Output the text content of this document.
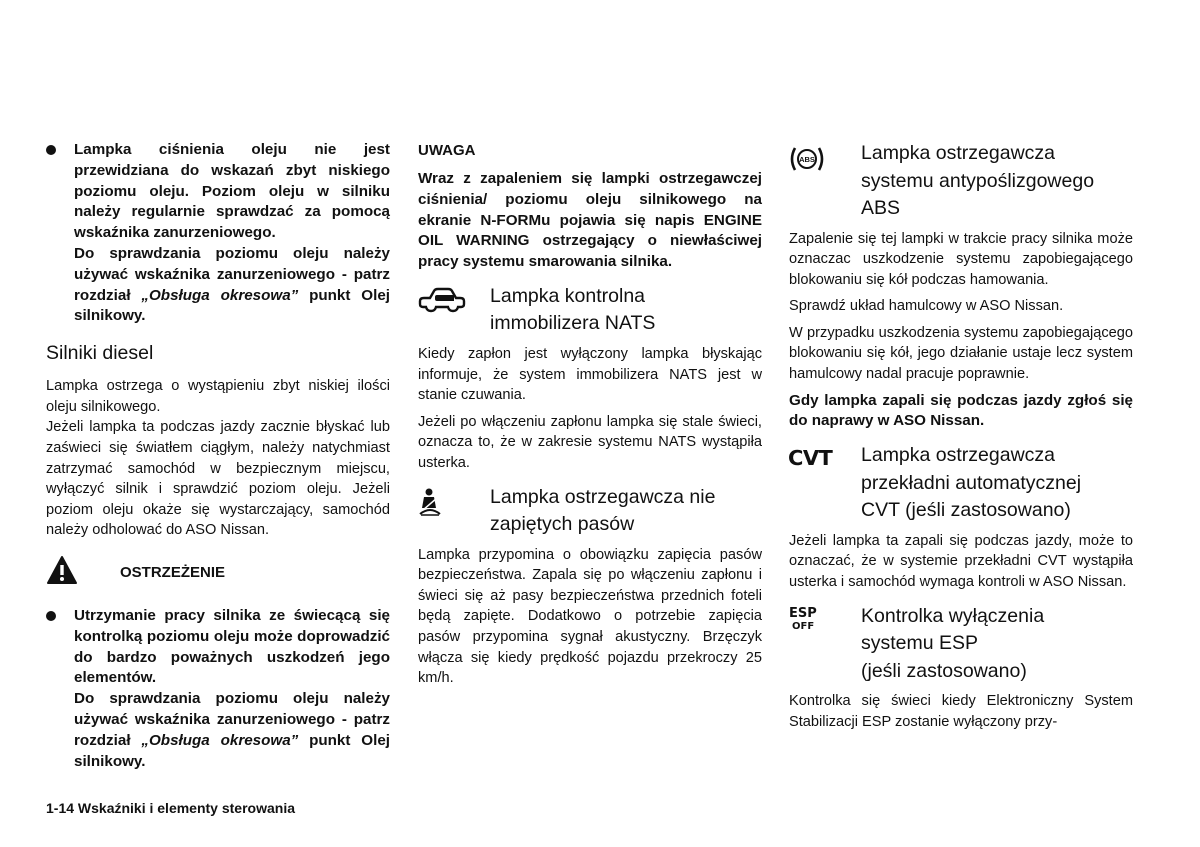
Lampka ciśnienia oleju nie jest przewidziana do wskazań zbyt niskiego poziomu oleju. Poziom oleju w silniku należy regularnie sprawdzać za pomocą wskaźnika zanurzeniowego.
Do sprawdzania poziomu oleju należy używać wskaźnika zanurzeniowego - patrz rozdział „Obsługa okresowa” punkt Olej silnikowy.
Silniki diesel

Lampka ostrzega o wystąpieniu zbyt niskiej ilości oleju silnikowego.

Jeżeli lampka ta podczas jazdy zacznie błyskać lub zaświeci się światłem ciągłym, należy natychmiast zatrzymać samochód w bezpiecznym miejscu, wyłączyć silnik i sprawdzić poziom oleju. Jeżeli poziom oleju okaże się wystarczający, samochód należy odholować do ASO Nissan.

OSTRZEŻENIE
Utrzymanie pracy silnika ze świecącą się kontrolką poziomu oleju może doprowadzić do bardzo poważnych uszkodzeń jego elementów.
Do sprawdzania poziomu oleju należy używać wskaźnika zanurzeniowego - patrz rozdział „Obsługa okresowa” punkt Olej silnikowy.
UWAGA

Wraz z zapaleniem się lampki ostrzegawczej ciśnienia/ poziomu oleju silnikowego na ekranie N-FORMu pojawia się napis ENGINE OIL WARNING ostrzegający o niewłaściwej pracy systemu smarowania silnika.

Lampka kontrolna immobilizera NATS

Kiedy zapłon jest wyłączony lampka błyskając informuje, że system immobilizera NATS jest w stanie czuwania.

Jeżeli po włączeniu zapłonu lampka się stale świeci, oznacza to, że w zakresie systemu NATS wystąpiła usterka.

Lampka ostrzegawcza nie zapiętych pasów

Lampka przypomina o obowiązku zapięcia pasów bezpieczeństwa. Zapala się po włączeniu zapłonu i świeci się aż pasy bezpieczeństwa przednich foteli będą zapięte. Dodatkowo o potrzebie zapięcia pasów przypomina sygnał akustyczny. Brzęczyk włącza się kiedy prędkość pojazdu przekroczy 25 km/h.

ABS Lampka ostrzegawcza systemu antypoślizgowego ABS

Zapalenie się tej lampki w trakcie pracy silnika może oznaczac uszkodzenie systemu zapobiegającego blokowaniu się kół podczas hamowania.

Sprawdź układ hamulcowy w ASO Nissan.

W przypadku uszkodzenia systemu zapobiegającego blokowaniu się kół, jego działanie ustaje lecz system hamulcowy nadal pracuje poprawnie.

Gdy lampka zapali się podczas jazdy zgłoś się do naprawy w ASO Nissan.

CVT	Lampka ostrzegawcza przekładni automatycznej CVT (jeśli zastosowano)

Jeżeli lampka ta zapali się podczas jazdy, może to oznaczać, że w systemie przekładni CVT wystąpiła usterka i samochód wymaga kontroli w ASO Nissan.

ESP
OFF	Kontrolka wyłączenia
systemu ESP
(jeśli zastosowano)

Kontrolka się świeci kiedy Elektroniczny System Stabilizacji ESP zostanie wyłączony przy-

1-14 Wskaźniki i elementy sterowania
